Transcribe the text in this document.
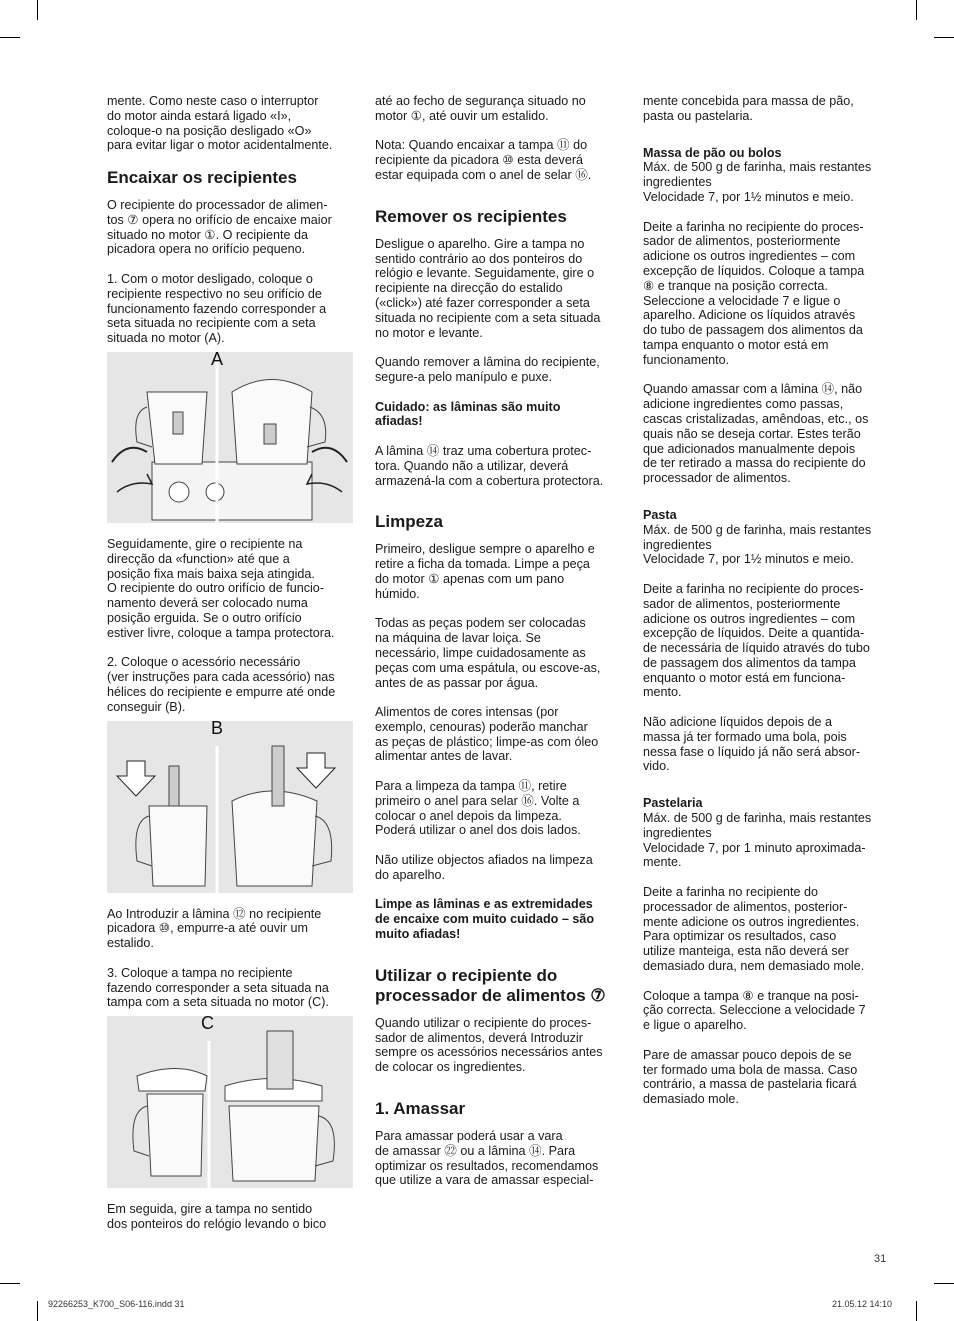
mente. Como neste caso o interruptor
do motor ainda estará ligado «I»,
coloque-o na posição desligado «O»
para evitar ligar o motor acidentalmente.

Encaixar os recipientes

O recipiente do processador de alimen-
tos ⑦ opera no orifício de encaixe maior
situado no motor ①. O recipiente da
picadora opera no orifício pequeno.

1. Com o motor desligado, coloque o
recipiente respectivo no seu orifício de
funcionamento fazendo corresponder a
seta situada no recipiente com a seta
situada no motor (A).

A

Seguidamente, gire o recipiente na
direcção da «function» até que a
posição fixa mais baixa seja atingida.
O recipiente do outro orifício de funcio-
namento deverá ser colocado numa
posição erguida. Se o outro orifício
estiver livre, coloque a tampa protectora.

2. Coloque o acessório necessário
(ver instruções para cada acessório) nas
hélices do recipiente e empurre até onde
conseguir (B).

B

Ao Introduzir a lâmina ⑫ no recipiente
picadora ⑩, empurre-a até ouvir um
estalido.

3. Coloque a tampa no recipiente
fazendo corresponder a seta situada na
tampa com a seta situada no motor (C).

C

Em seguida, gire a tampa no sentido
dos ponteiros do relógio levando o bico

até ao fecho de segurança situado no
motor ①, até ouvir um estalido.

Nota: Quando encaixar a tampa ⑪ do
recipiente da picadora ⑩ esta deverá
estar equipada com o anel de selar ⑯.

Remover os recipientes

Desligue o aparelho. Gire a tampa no
sentido contrário ao dos ponteiros do
relógio e levante. Seguidamente, gire o
recipiente na direcção do estalido
(«click») até fazer corresponder a seta
situada no recipiente com a seta situada
no motor e levante.

Quando remover a lâmina do recipiente,
segure-a pelo manípulo e puxe.

Cuidado: as lâminas são muito
afiadas!

A lâmina ⑭ traz uma cobertura protec-
tora. Quando não a utilizar, deverá
armazená-la com a cobertura protectora.

Limpeza

Primeiro, desligue sempre o aparelho e
retire a ficha da tomada. Limpe a peça
do motor ① apenas com um pano
húmido.

Todas as peças podem ser colocadas
na máquina de lavar loiça. Se
necessário, limpe cuidadosamente as
peças com uma espátula, ou escove-as,
antes de as passar por água.

Alimentos de cores intensas (por
exemplo, cenouras) poderão manchar
as peças de plástico; limpe-as com óleo
alimentar antes de lavar.

Para a limpeza da tampa ⑪, retire
primeiro o anel para selar ⑯. Volte a
colocar o anel depois da limpeza.
Poderá utilizar o anel dos dois lados.

Não utilize objectos afiados na limpeza
do aparelho.

Limpe as lâminas e as extremidades
de encaixe com muito cuidado – são
muito afiadas!

Utilizar o recipiente do
processador de alimentos ⑦

Quando utilizar o recipiente do proces-
sador de alimentos, deverá Introduzir
sempre os acessórios necessários antes
de colocar os ingredientes.

1. Amassar

Para amassar poderá usar a vara
de amassar ㉒ ou a lâmina ⑭. Para
optimizar os resultados, recomendamos
que utilize a vara de amassar especial-

mente concebida para massa de pão,
pasta ou pastelaria.

Massa de pão ou bolos

Máx. de 500 g de farinha, mais restantes
ingredientes
Velocidade 7, por 1½ minutos e meio.

Deite a farinha no recipiente do proces-
sador de alimentos, posteriormente
adicione os outros ingredientes – com
excepção de líquidos. Coloque a tampa
⑧ e tranque na posição correcta.
Seleccione a velocidade 7 e ligue o
aparelho. Adicione os líquidos através
do tubo de passagem dos alimentos da
tampa enquanto o motor está em
funcionamento.

Quando amassar com a lâmina ⑭, não
adicione ingredientes como passas,
cascas cristalizadas, amêndoas, etc., os
quais não se deseja cortar. Estes terão
que adicionados manualmente depois
de ter retirado a massa do recipiente do
processador de alimentos.

Pasta

Máx. de 500 g de farinha, mais restantes
ingredientes
Velocidade 7, por 1½ minutos e meio.

Deite a farinha no recipiente do proces-
sador de alimentos, posteriormente
adicione os outros ingredientes – com
excepção de líquidos. Deite a quantida-
de necessária de líquido através do tubo
de passagem dos alimentos da tampa
enquanto o motor está em funciona-
mento.

Não adicione líquidos depois de a
massa já ter formado uma bola, pois
nessa fase o líquido já não será absor-
vido.

Pastelaria

Máx. de 500 g de farinha, mais restantes
ingredientes
Velocidade 7, por 1 minuto aproximada-
mente.

Deite a farinha no recipiente do
processador de alimentos, posterior-
mente adicione os outros ingredientes.
Para optimizar os resultados, caso
utilize manteiga, esta não deverá ser
demasiado dura, nem demasiado mole.

Coloque a tampa ⑧ e tranque na posi-
ção correcta. Seleccione a velocidade 7
e ligue o aparelho.

Pare de amassar pouco depois de se
ter formado uma bola de massa. Caso
contrário, a massa de pastelaria ficará
demasiado mole.

31
92266253_K700_S06-116.indd 31	21.05.12 14:10
